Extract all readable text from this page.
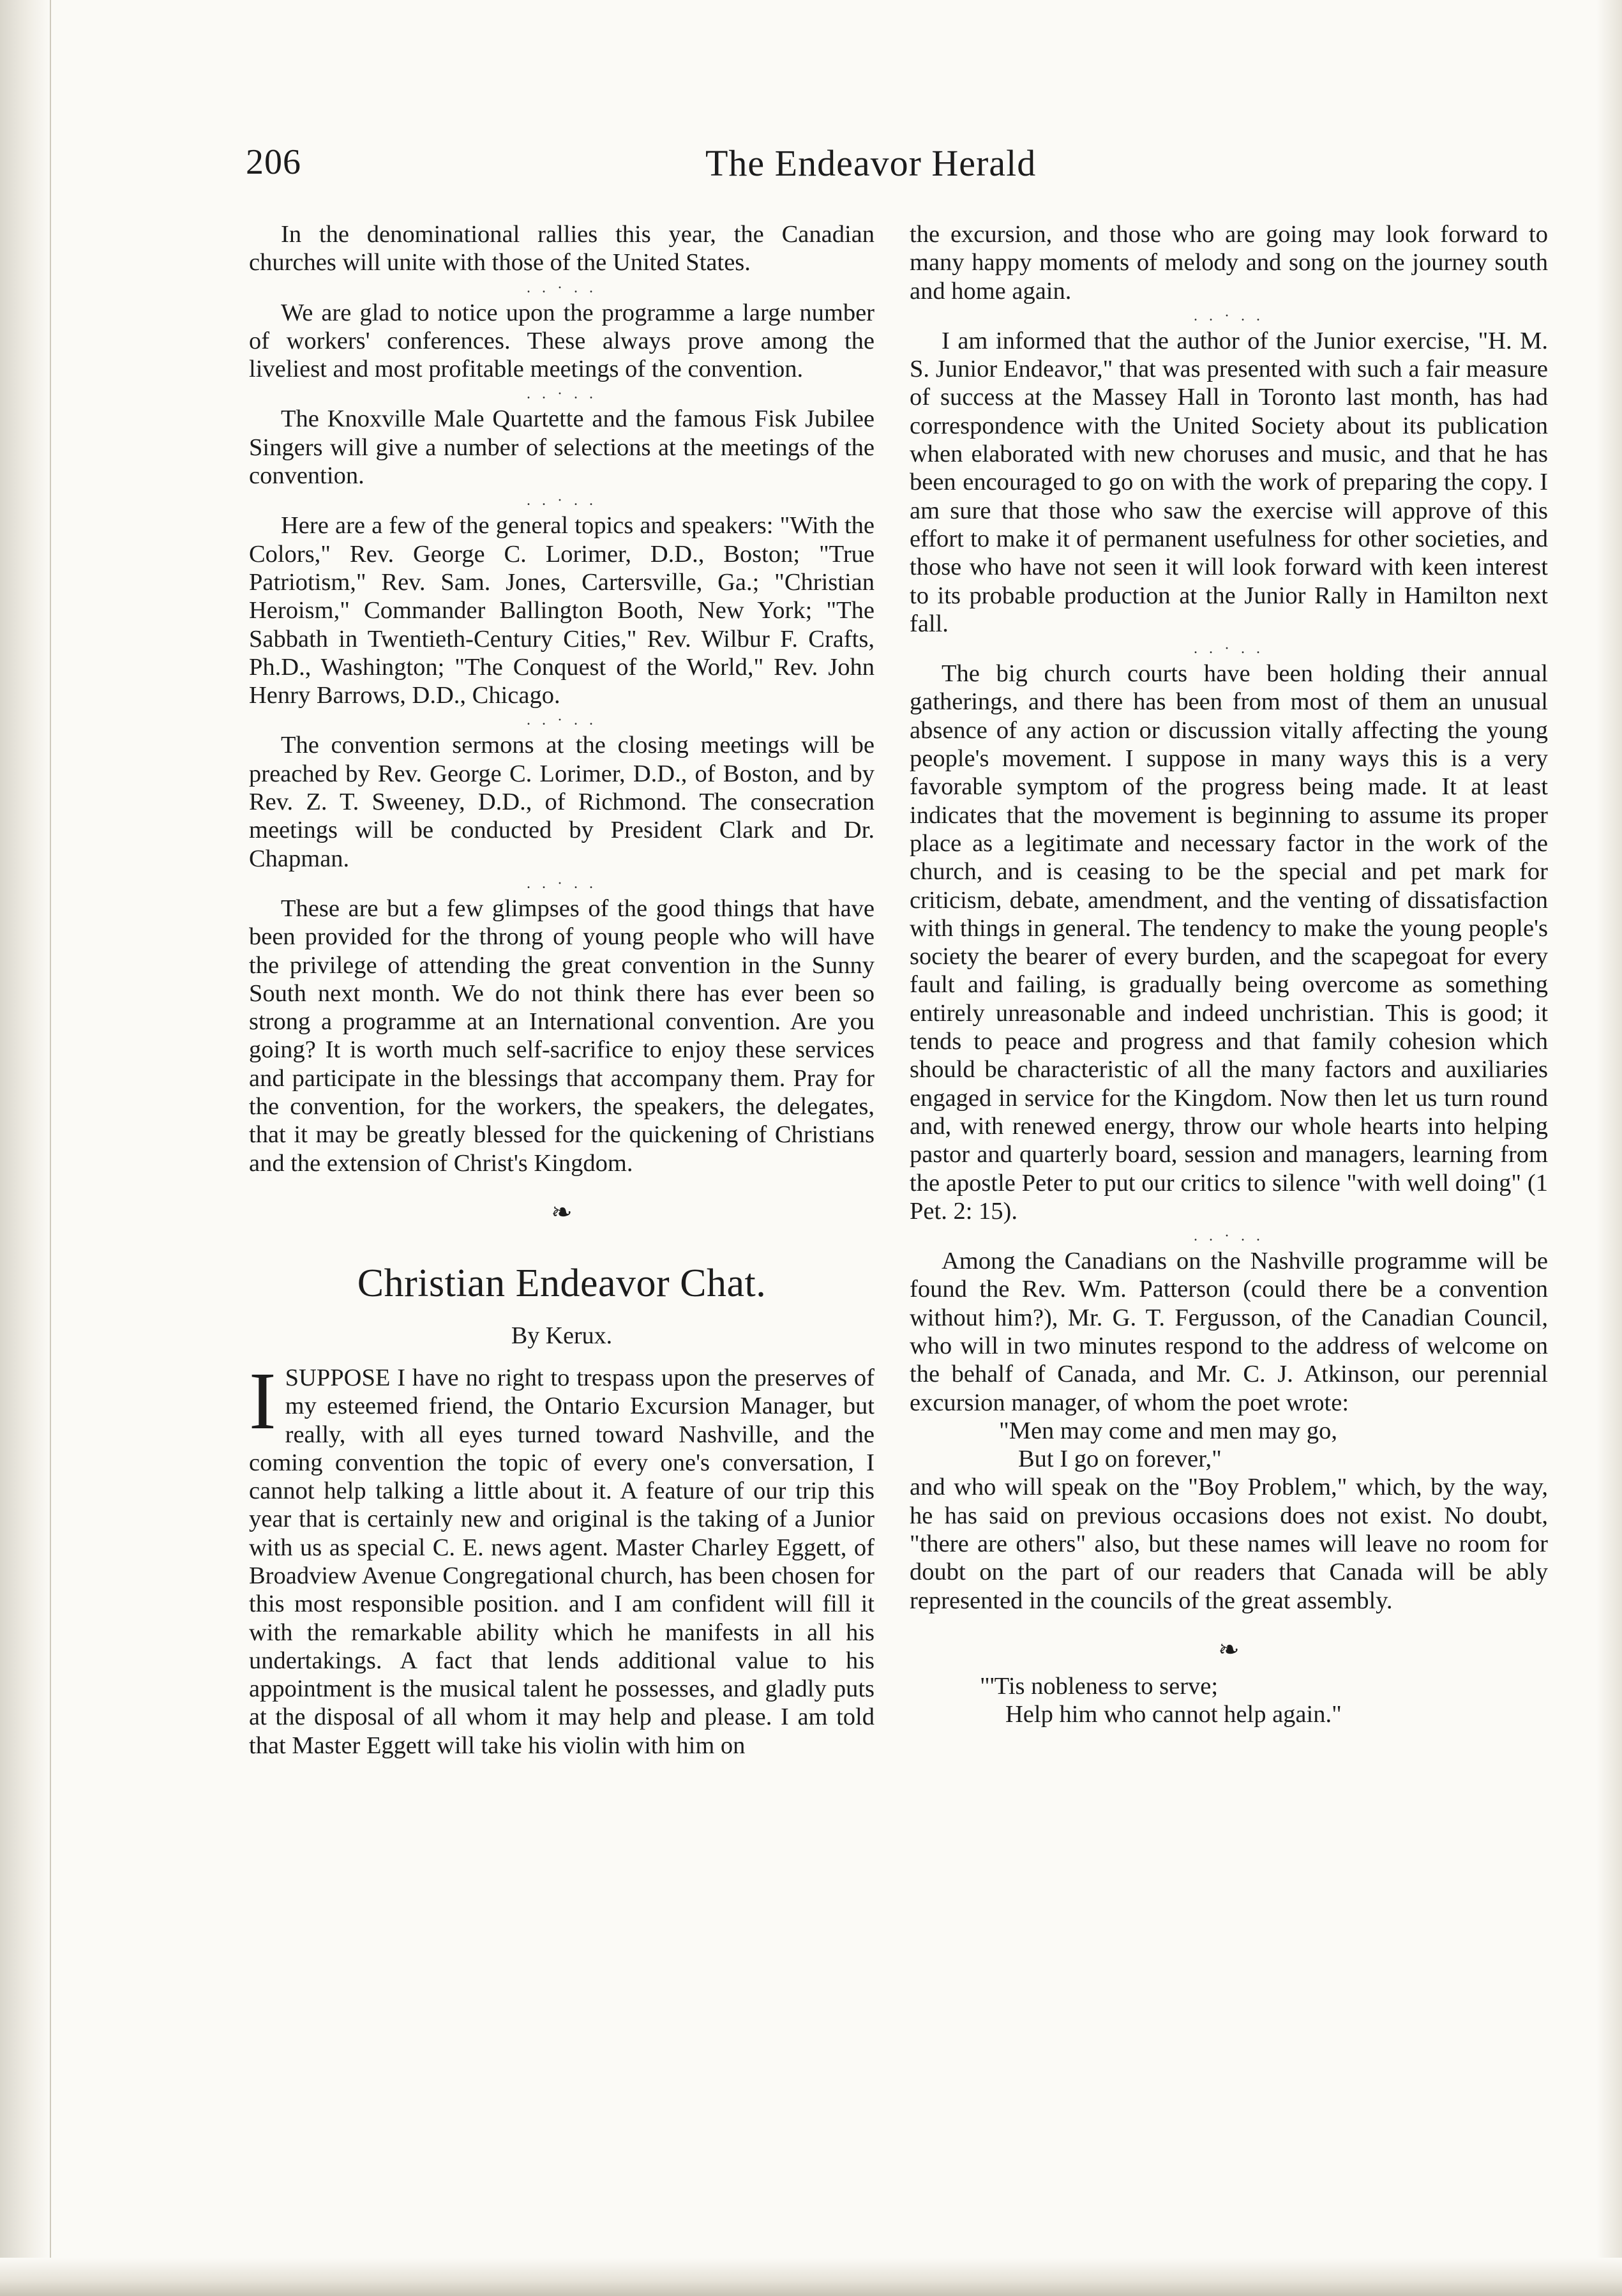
206	The Endeavor Herald

In the denominational rallies this year, the Canadian churches will unite with those of the United States.

. . · . .

We are glad to notice upon the programme a large number of workers' conferences. These always prove among the liveliest and most profitable meetings of the convention.

. . · . .

The Knoxville Male Quartette and the famous Fisk Jubilee Singers will give a number of selections at the meetings of the convention.

. . · . .

Here are a few of the general topics and speakers: "With the Colors," Rev. George C. Lorimer, D.D., Boston; "True Patriotism," Rev. Sam. Jones, Cartersville, Ga.; "Christian Heroism," Commander Ballington Booth, New York; "The Sabbath in Twentieth-Century Cities," Rev. Wilbur F. Crafts, Ph.D., Washington; "The Conquest of the World," Rev. John Henry Barrows, D.D., Chicago.

. . · . .

The convention sermons at the closing meetings will be preached by Rev. George C. Lorimer, D.D., of Boston, and by Rev. Z. T. Sweeney, D.D., of Richmond. The consecration meetings will be conducted by President Clark and Dr. Chapman.

. . · . .

These are but a few glimpses of the good things that have been provided for the throng of young people who will have the privilege of attending the great convention in the Sunny South next month. We do not think there has ever been so strong a programme at an International convention. Are you going? It is worth much self-sacrifice to enjoy these services and participate in the blessings that accompany them. Pray for the convention, for the workers, the speakers, the delegates, that it may be greatly blessed for the quickening of Christians and the extension of Christ's Kingdom.

❧
Christian Endeavor Chat.
By Kerux.

ISUPPOSE I have no right to trespass upon the preserves of my esteemed friend, the Ontario Excursion Manager, but really, with all eyes turned toward Nashville, and the coming convention the topic of every one's conversation, I cannot help talking a little about it. A feature of our trip this year that is certainly new and original is the taking of a Junior with us as special C. E. news agent. Master Charley Eggett, of Broadview Avenue Congregational church, has been chosen for this most responsible position. and I am confident will fill it with the remarkable ability which he manifests in all his undertakings. A fact that lends additional value to his appointment is the musical talent he possesses, and gladly puts at the disposal of all whom it may help and please. I am told that Master Eggett will take his violin with him on

the excursion, and those who are going may look forward to many happy moments of melody and song on the journey south and home again.

. . · . .

I am informed that the author of the Junior exercise, "H. M. S. Junior Endeavor," that was presented with such a fair measure of success at the Massey Hall in Toronto last month, has had correspondence with the United Society about its publication when elaborated with new choruses and music, and that he has been encouraged to go on with the work of preparing the copy. I am sure that those who saw the exercise will approve of this effort to make it of permanent usefulness for other societies, and those who have not seen it will look forward with keen interest to its probable production at the Junior Rally in Hamilton next fall.

. . · . .

The big church courts have been holding their annual gatherings, and there has been from most of them an unusual absence of any action or discussion vitally affecting the young people's movement. I suppose in many ways this is a very favorable symptom of the progress being made. It at least indicates that the movement is beginning to assume its proper place as a legitimate and necessary factor in the work of the church, and is ceasing to be the special and pet mark for criticism, debate, amendment, and the venting of dissatisfaction with things in general. The tendency to make the young people's society the bearer of every burden, and the scapegoat for every fault and failing, is gradually being overcome as something entirely unreasonable and indeed unchristian. This is good; it tends to peace and progress and that family cohesion which should be characteristic of all the many factors and auxiliaries engaged in service for the Kingdom. Now then let us turn round and, with renewed energy, throw our whole hearts into helping pastor and quarterly board, session and managers, learning from the apostle Peter to put our critics to silence "with well doing" (1 Pet. 2: 15).

. . · . .

Among the Canadians on the Nashville programme will be found the Rev. Wm. Patterson (could there be a convention without him?), Mr. G. T. Fergusson, of the Canadian Council, who will in two minutes respond to the address of welcome on the behalf of Canada, and Mr. C. J. Atkinson, our perennial excursion manager, of whom the poet wrote:

"Men may come and men may go,

But I go on forever,"

and who will speak on the "Boy Problem," which, by the way, he has said on previous occasions does not exist. No doubt, "there are others" also, but these names will leave no room for doubt on the part of our readers that Canada will be ably represented in the councils of the great assembly.

❧

"'Tis nobleness to serve;
Help him who cannot help again."
